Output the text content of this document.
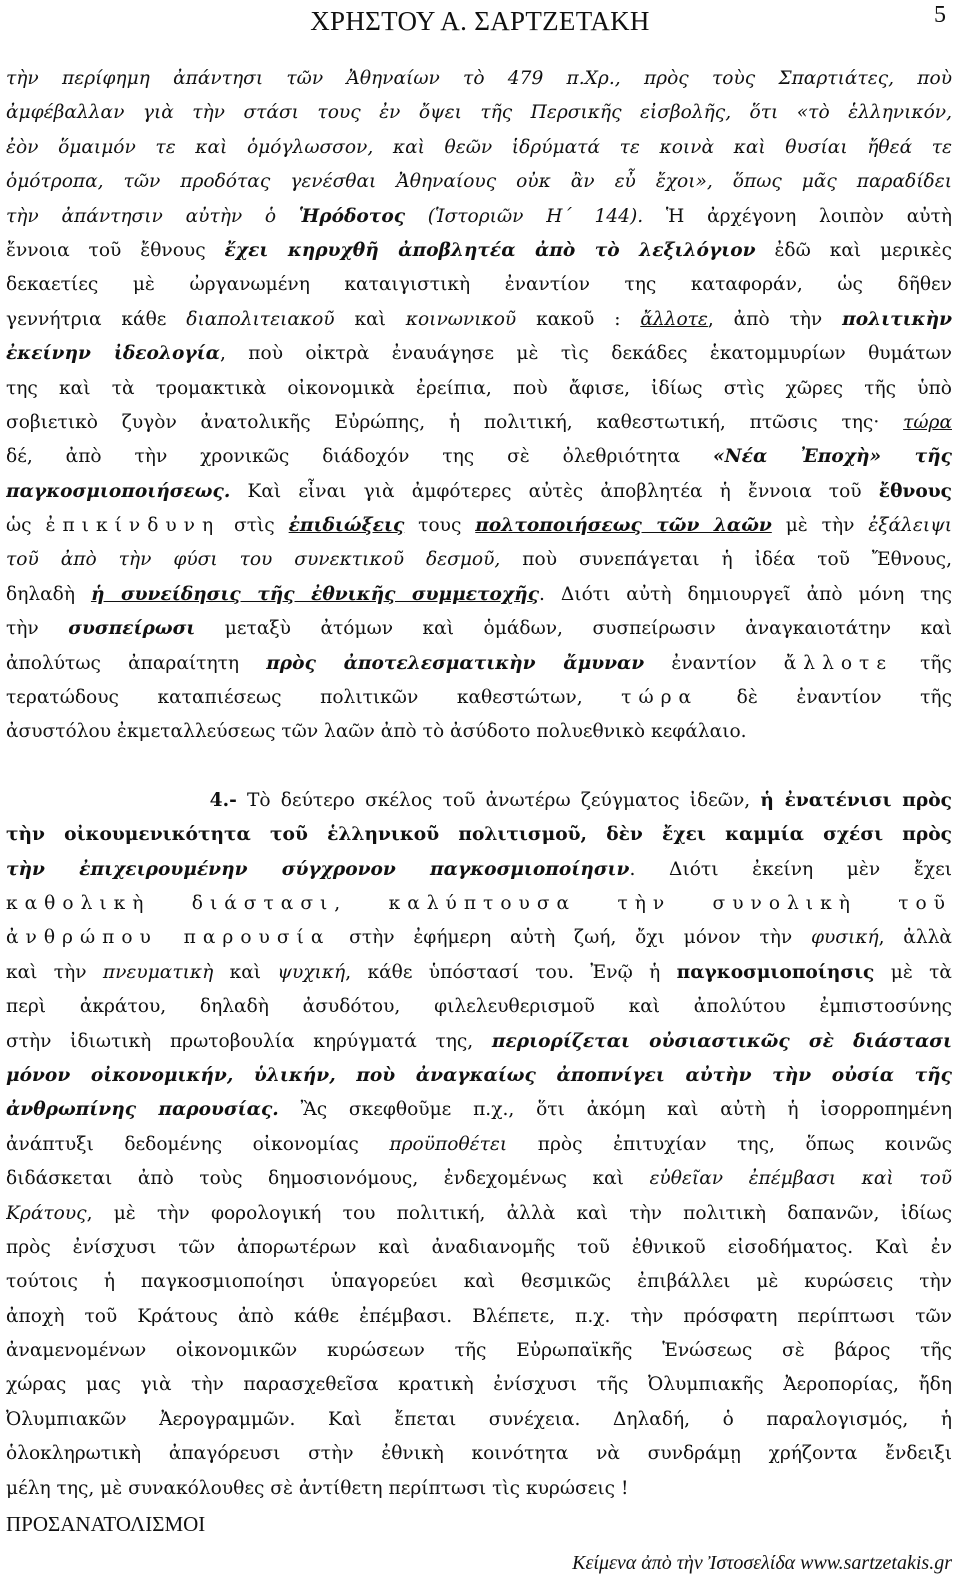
ΧΡΗΣΤΟΥ Α. ΣΑΡΤΖΕΤΑΚΗ	5
τὴν περίφημη ἀπάντησι τῶν Ἀθηναίων τὸ 479 π.Χρ., πρὸς τοὺς Σπαρτιάτες, ποὺ
ἀμφέβαλλαν γιὰ τὴν στάσι τους ἐν ὄψει τῆς Περσικῆς εἰσβολῆς, ὅτι «τὸ ἑλληνικόν,
ἐὸν ὅμαιμόν τε καὶ ὁμόγλωσσον, καὶ θεῶν ἱδρύματά τε κοινὰ καὶ θυσίαι ἤθεά τε
ὁμότροπα, τῶν προδότας γενέσθαι Ἀθηναίους οὐκ ἂν εὖ ἔχοι», ὅπως μᾶς παραδίδει
τὴν ἀπάντησιν αὐτὴν ὁ Ἡρόδοτος (Ἱστοριῶν Η΄ 144). Ἡ ἀρχέγονη λοιπὸν αὐτὴ
ἔννοια τοῦ ἔθνους ἔχει κηρυχθῆ ἀποβλητέα ἀπὸ τὸ λεξιλόγιον ἐδῶ καὶ μερικὲς
δεκαετίες μὲ ὠργανωμένη καταιγιστικὴ ἐναντίον της καταφοράν, ὡς δῆθεν
γεννήτρια κάθε διαπολιτειακοῦ καὶ κοινωνικοῦ κακοῦ : ἄλλοτε, ἀπὸ τὴν πολιτικὴν
ἐκείνην ἰδεολογία, ποὺ οἰκτρὰ ἐναυάγησε μὲ τὶς δεκάδες ἑκατομμυρίων θυμάτων
της καὶ τὰ τρομακτικὰ οἰκονομικὰ ἐρείπια, ποὺ ἄφισε, ἰδίως στὶς χῶρες τῆς ὑπὸ
σοβιετικὸ ζυγὸν ἀνατολικῆς Εὐρώπης, ἡ πολιτική, καθεστωτική, πτῶσις της· τώρα
δέ, ἀπὸ τὴν χρονικῶς διάδοχόν της σὲ ὀλεθριότητα «Νέα Ἐποχὴ» τῆς
παγκοσμιοποιήσεως. Καὶ εἶναι γιὰ ἀμφότερες αὐτὲς ἀποβλητέα ἡ ἔννοια τοῦ ἔθνους
ὡς ἐπικίνδυνη στὶς ἐπιδιώξεις τους πολτοποιήσεως τῶν λαῶν μὲ τὴν ἐξάλειψι
τοῦ ἀπὸ τὴν φύσι του συνεκτικοῦ δεσμοῦ, ποὺ συνεπάγεται ἡ ἰδέα τοῦ Ἔθνους,
δηλαδὴ ἡ συνείδησις τῆς ἐθνικῆς συμμετοχῆς. Διότι αὐτὴ δημιουργεῖ ἀπὸ μόνη της
τὴν συσπείρωσι μεταξὺ ἀτόμων καὶ ὁμάδων, συσπείρωσιν ἀναγκαιοτάτην καὶ
ἀπολύτως ἀπαραίτητη πρὸς ἀποτελεσματικὴν ἄμυναν ἐναντίον ἄλλοτε τῆς
τερατώδους καταπιέσεως πολιτικῶν καθεστώτων, τώρα δὲ ἐναντίον τῆς
ἀσυστόλου ἐκμεταλλεύσεως τῶν λαῶν ἀπὸ τὸ ἀσύδοτο πολυεθνικὸ κεφάλαιο.
4.- Τὸ δεύτερο σκέλος τοῦ ἀνωτέρω ζεύγματος ἰδεῶν, ἡ ἐνατένισι πρὸς
τὴν οἰκουμενικότητα τοῦ ἑλληνικοῦ πολιτισμοῦ, δὲν ἔχει καμμία σχέσι πρὸς
τὴν ἐπιχειρουμένην σύγχρονον παγκοσμιοποίησιν. Διότι ἐκείνη μὲν ἔχει
καθολικὴ διάστασι, καλύπτουσα τὴν συνολικὴ τοῦ
ἀνθρώπου παρουσία στὴν ἐφήμερη αὐτὴ ζωή, ὄχι μόνον τὴν φυσική, ἀλλὰ
καὶ τὴν πνευματικὴ καὶ ψυχική, κάθε ὑπόστασί του. Ἐνῷ ἡ παγκοσμιοποίησις μὲ τὰ
περὶ ἀκράτου, δηλαδὴ ἀσυδότου, φιλελευθερισμοῦ καὶ ἀπολύτου ἐμπιστοσύνης
στὴν ἰδιωτικὴ πρωτοβουλία κηρύγματά της, περιορίζεται οὐσιαστικῶς σὲ διάστασι
μόνον οἰκονομικήν, ὑλικήν, ποὺ ἀναγκαίως ἀποπνίγει αὐτὴν τὴν οὐσία τῆς
ἀνθρωπίνης παρουσίας. Ἂς σκεφθοῦμε π.χ., ὅτι ἀκόμη καὶ αὐτὴ ἡ ἰσορροπημένη
ἀνάπτυξι δεδομένης οἰκονομίας προϋποθέτει πρὸς ἐπιτυχίαν της, ὅπως κοινῶς
διδάσκεται ἀπὸ τοὺς δημοσιονόμους, ἐνδεχομένως καὶ εὐθεῖαν ἐπέμβασι καὶ τοῦ
Κράτους, μὲ τὴν φορολογική του πολιτική, ἀλλὰ καὶ τὴν πολιτικὴ δαπανῶν, ἰδίως
πρὸς ἐνίσχυσι τῶν ἀπορωτέρων καὶ ἀναδιανομῆς τοῦ ἐθνικοῦ εἰσοδήματος. Καὶ ἐν
τούτοις ἡ παγκοσμιοποίησι ὑπαγορεύει καὶ θεσμικῶς ἐπιβάλλει μὲ κυρώσεις τὴν
ἀποχὴ τοῦ Κράτους ἀπὸ κάθε ἐπέμβασι. Βλέπετε, π.χ. τὴν πρόσφατη περίπτωσι τῶν
ἀναμενομένων οἰκονομικῶν κυρώσεων τῆς Εὐρωπαϊκῆς Ἑνώσεως σὲ βάρος τῆς
χώρας μας γιὰ τὴν παρασχεθεῖσα κρατικὴ ἐνίσχυσι τῆς Ὀλυμπιακῆς Ἀεροπορίας, ἤδη
Ὀλυμπιακῶν Ἀερογραμμῶν. Καὶ ἔπεται συνέχεια. Δηλαδή, ὁ παραλογισμός, ἡ
ὁλοκληρωτικὴ ἀπαγόρευσι στὴν ἐθνικὴ κοινότητα νὰ συνδράμῃ χρήζοντα ἔνδειξι
μέλη της, μὲ συνακόλουθες σὲ ἀντίθετη περίπτωσι τὶς κυρώσεις !
ΠΡΟΣΑΝΑΤΟΛΙΣΜΟΙ
Κείμενα ἀπὸ τὴν Ἰστοσελίδα www.sartzetakis.gr
